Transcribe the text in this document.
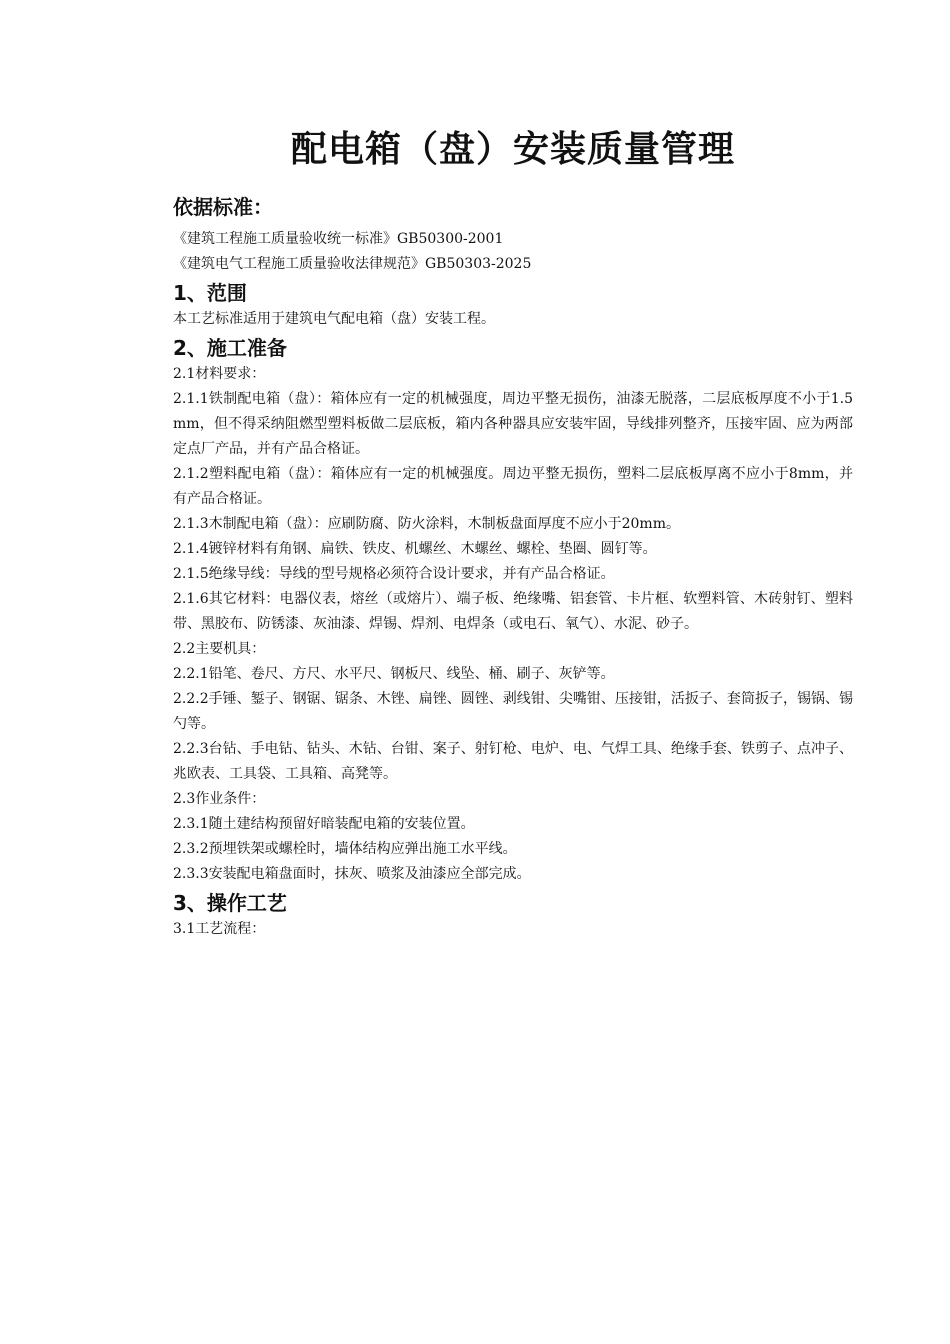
配电箱（盘）安装质量管理
依据标准：

《建筑工程施工质量验收统一标准》GB50300-2001

《建筑电气工程施工质量验收法律规范》GB50303-2025

1、范围

本工艺标准适用于建筑电气配电箱（盘）安装工程。

2、施工准备

2.1材料要求：

2.1.1铁制配电箱（盘）：箱体应有一定的机械强度，周边平整无损伤，油漆无脱落，二层底板厚度不小于1.5mm，但不得采纳阻燃型塑料板做二层底板，箱内各种器具应安装牢固，导线排列整齐，压接牢固、应为两部定点厂产品，并有产品合格证。

2.1.2塑料配电箱（盘）：箱体应有一定的机械强度。周边平整无损伤，塑料二层底板厚离不应小于8mm，并有产品合格证。

2.1.3木制配电箱（盘）：应刷防腐、防火涂料，木制板盘面厚度不应小于20mm。

2.1.4镀锌材料有角钢、扁铁、铁皮、机螺丝、木螺丝、螺栓、垫圈、圆钉等。

2.1.5绝缘导线：导线的型号规格必须符合设计要求，并有产品合格证。

2.1.6其它材料：电器仪表，熔丝（或熔片）、端子板、绝缘嘴、铝套管、卡片框、软塑料管、木砖射钉、塑料带、黑胶布、防锈漆、灰油漆、焊锡、焊剂、电焊条（或电石、氧气）、水泥、砂子。

2.2主要机具：

2.2.1铅笔、卷尺、方尺、水平尺、钢板尺、线坠、桶、刷子、灰铲等。

2.2.2手锤、錾子、钢锯、锯条、木锉、扁锉、圆锉、剥线钳、尖嘴钳、压接钳，活扳子、套筒扳子，锡锅、锡勺等。

2.2.3台钻、手电钻、钻头、木钻、台钳、案子、射钉枪、电炉、电、气焊工具、绝缘手套、铁剪子、点冲子、兆欧表、工具袋、工具箱、高凳等。

2.3作业条件：

2.3.1随土建结构预留好暗装配电箱的安装位置。

2.3.2预埋铁架或螺栓时，墙体结构应弹出施工水平线。

2.3.3安装配电箱盘面时，抹灰、喷浆及油漆应全部完成。

3、操作工艺

3.1工艺流程：
